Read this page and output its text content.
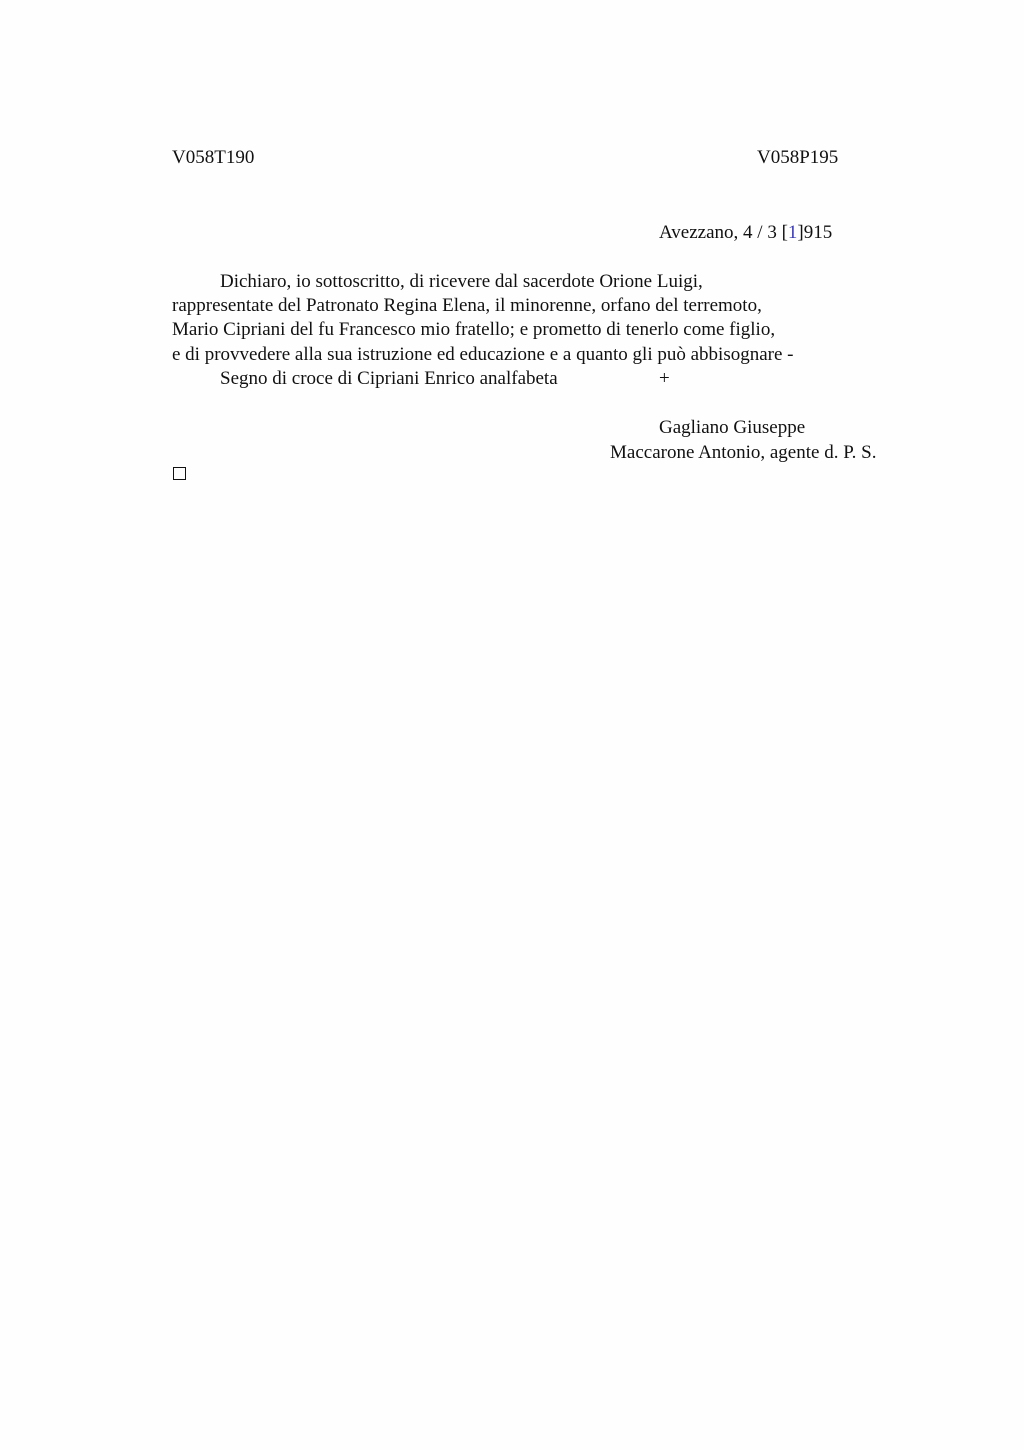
V058T190	V058P195
Avezzano, 4 / 3 [1]915
Dichiaro, io sottoscritto, di ricevere dal sacerdote Orione Luigi,
rappresentate del Patronato Regina Elena, il minorenne, orfano del terremoto,
Mario Cipriani del fu Francesco mio fratello; e prometto di tenerlo come figlio,
e di provvedere alla sua istruzione ed educazione e a quanto gli può abbisognare -
Segno di croce di Cipriani Enrico analfabeta	+
Gagliano Giuseppe
Maccarone Antonio, agente d. P. S.
